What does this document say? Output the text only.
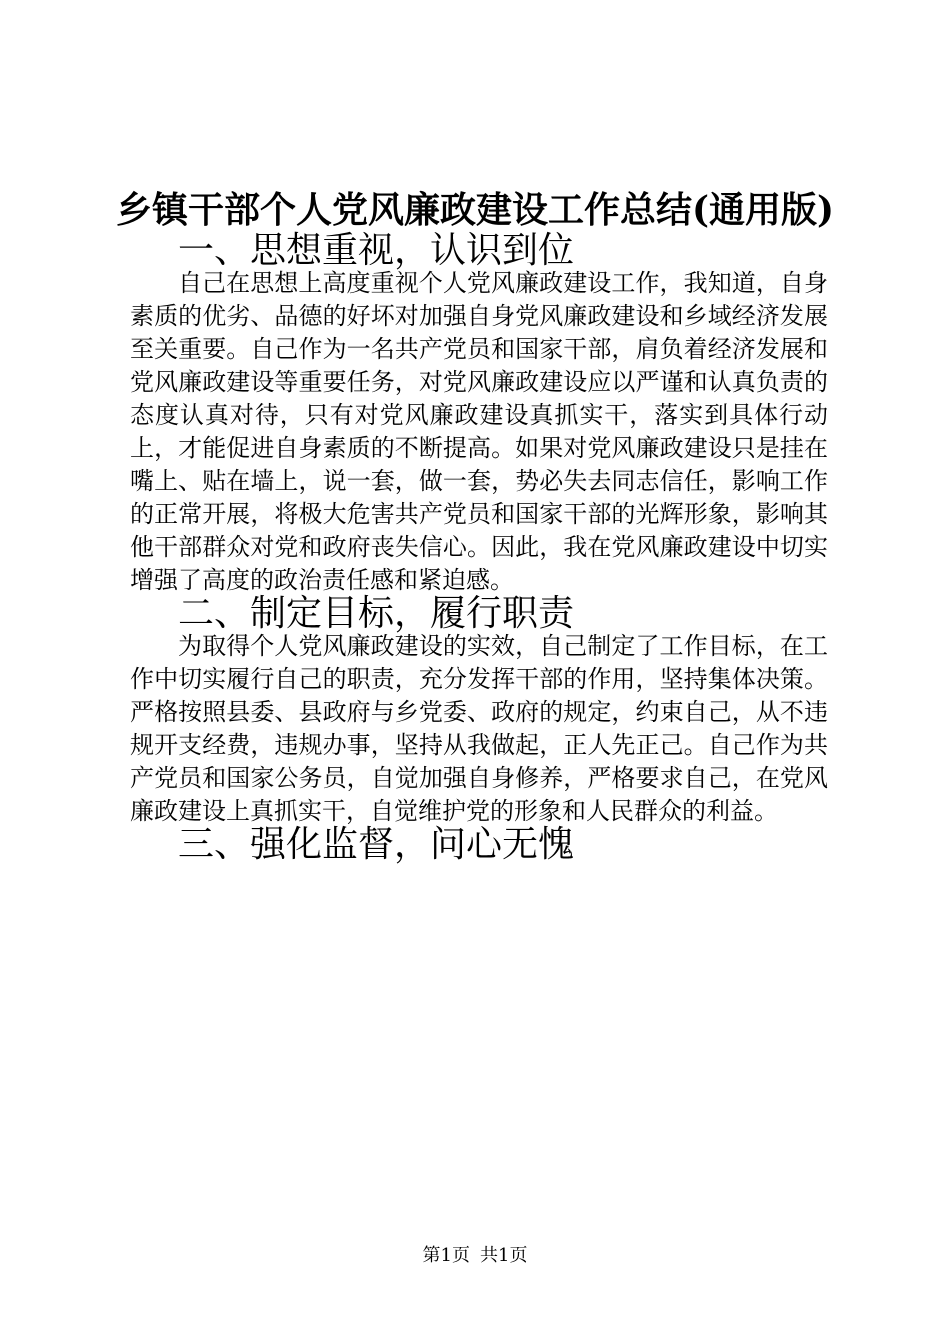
乡镇干部个人党风廉政建设工作总结(通用版)
一、思想重视，认识到位

自己在思想上高度重视个人党风廉政建设工作，我知道，自身素质的优劣、品德的好坏对加强自身党风廉政建设和乡域经济发展至关重要。自己作为一名共产党员和国家干部，肩负着经济发展和党风廉政建设等重要任务，对党风廉政建设应以严谨和认真负责的态度认真对待，只有对党风廉政建设真抓实干，落实到具体行动上，才能促进自身素质的不断提高。如果对党风廉政建设只是挂在嘴上、贴在墙上，说一套，做一套，势必失去同志信任，影响工作的正常开展，将极大危害共产党员和国家干部的光辉形象，影响其他干部群众对党和政府丧失信心。因此，我在党风廉政建设中切实增强了高度的政治责任感和紧迫感。

二、制定目标，履行职责

为取得个人党风廉政建设的实效，自己制定了工作目标，在工作中切实履行自己的职责，充分发挥干部的作用，坚持集体决策。严格按照县委、县政府与乡党委、政府的规定，约束自己，从不违规开支经费，违规办事，坚持从我做起，正人先正己。自己作为共产党员和国家公务员，自觉加强自身修养，严格要求自己，在党风廉政建设上真抓实干，自觉维护党的形象和人民群众的利益。

三、强化监督，问心无愧
第1页 共1页
